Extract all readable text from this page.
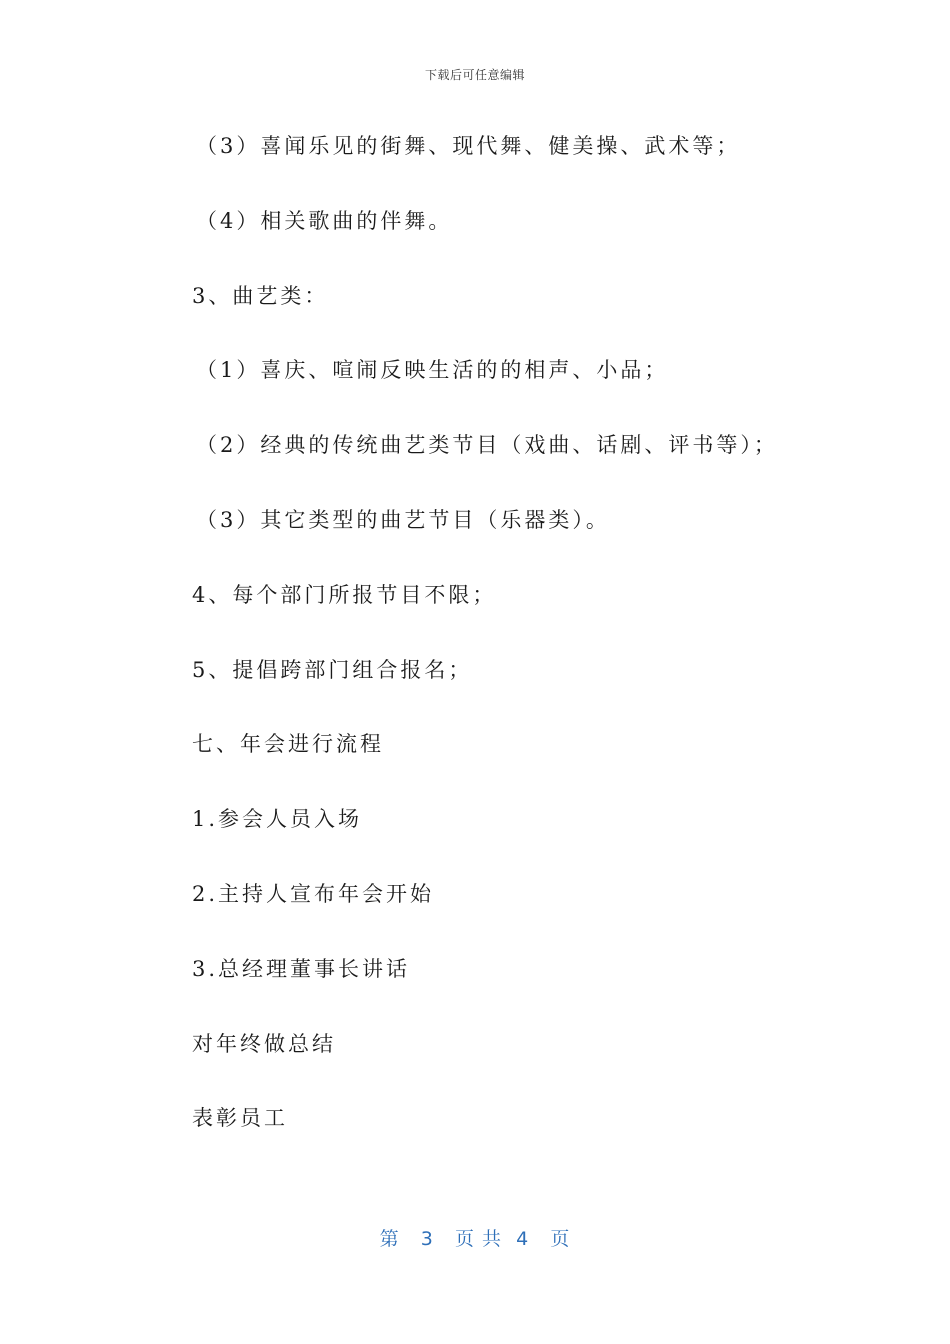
下载后可任意编辑
（3）喜闻乐见的街舞、现代舞、健美操、武术等；
（4）相关歌曲的伴舞。
3、曲艺类：
（1）喜庆、喧闹反映生活的的相声、小品；
（2）经典的传统曲艺类节目（戏曲、话剧、评书等）；
（3）其它类型的曲艺节目（乐器类）。
4、每个部门所报节目不限；
5、提倡跨部门组合报名；
七、年会进行流程
1.参会人员入场
2.主持人宣布年会开始
3.总经理董事长讲话
对年终做总结
表彰员工
第 3 页 共 4 页
